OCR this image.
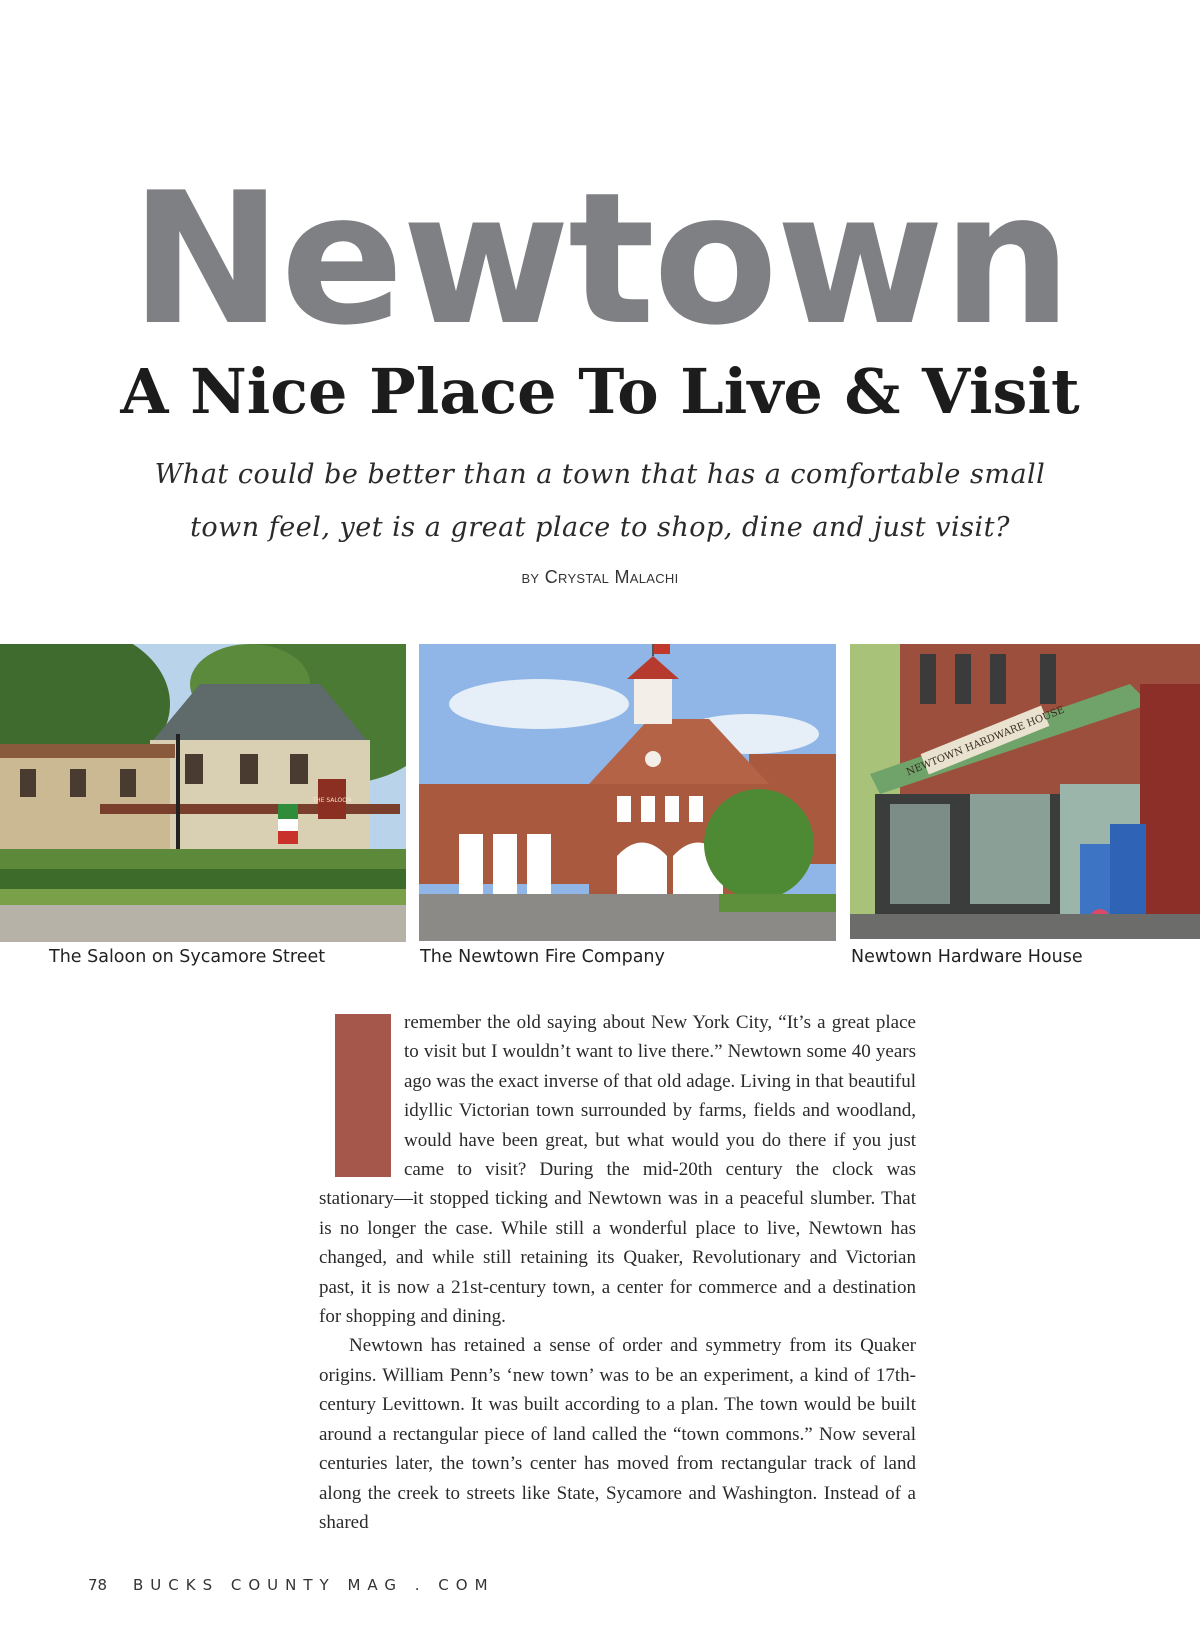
Newtown
A Nice Place To Live & Visit

What could be better than a town that has a comfortable small town feel, yet is a great place to shop, dine and just visit?

by Crystal Malachi
THE SALOON
NEWTOWN HARDWARE HOUSE
The Saloon on Sycamore Street	The Newtown Fire Company	Newtown Hardware House

remember the old saying about New York City, “It’s a great place to visit but I wouldn’t want to live there.” Newtown some 40 years ago was the exact inverse of that old adage. Living in that beautiful idyllic Victorian town surrounded by farms, fields and woodland, would have been great, but what would you do there if you just came to visit? During the mid-20th century the clock was stationary—it stopped ticking and Newtown was in a peaceful slumber. That is no longer the case. While still a wonderful place to live, Newtown has changed, and while still retaining its Quaker, Revolutionary and Victorian past, it is now a 21st-century town, a center for commerce and a destination for shopping and dining.

Newtown has retained a sense of order and symmetry from its Quaker origins. William Penn’s ‘new town’ was to be an experiment, a kind of 17th-century Levittown. It was built according to a plan. The town would be built around a rectangular piece of land called the “town commons.” Now several centuries later, the town’s center has moved from rectangular track of land along the creek to streets like State, Sycamore and Washington. Instead of a shared

78 BUCKS COUNTY MAG . COM
